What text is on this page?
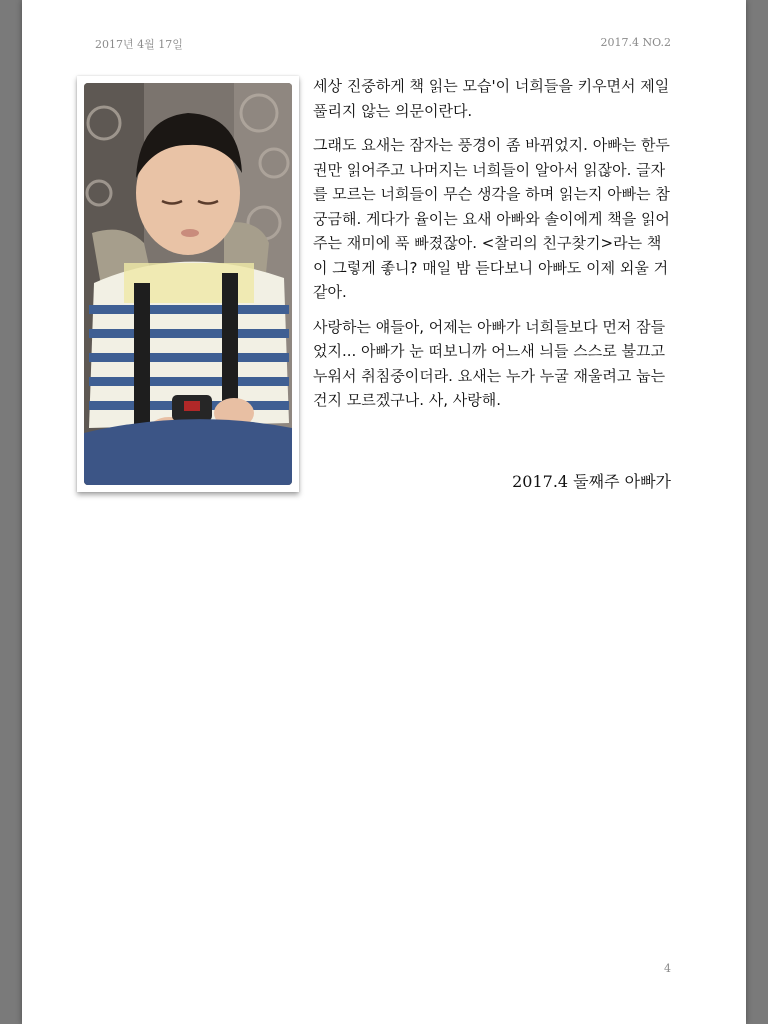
2017년 4월 17일	2017.4 NO.2

세상 진중하게 책 읽는 모습'이 너희들을 키우면서 제일 풀리지 않는 의문이란다.

그래도 요새는 잠자는 풍경이 좀 바뀌었지. 아빠는 한두 권만 읽어주고 나머지는 너희들이 알아서 읽잖아. 글자를 모르는 너희들이 무슨 생각을 하며 읽는지 아빠는 참 궁금해. 게다가 율이는 요새 아빠와 솔이에게 책을 읽어주는 재미에 푹 빠졌잖아. <찰리의 친구찾기>라는 책이 그렇게 좋니? 매일 밤 듣다보니 아빠도 이제 외울 거 같아.

사랑하는 얘들아, 어제는 아빠가 너희들보다 먼저 잠들었지... 아빠가 눈 떠보니까 어느새 늬들 스스로 불끄고 누워서 취침중이더라. 요새는 누가 누굴 재울려고 눕는 건지 모르겠구나. 사, 사랑해.

2017.4 둘째주 아빠가
4
